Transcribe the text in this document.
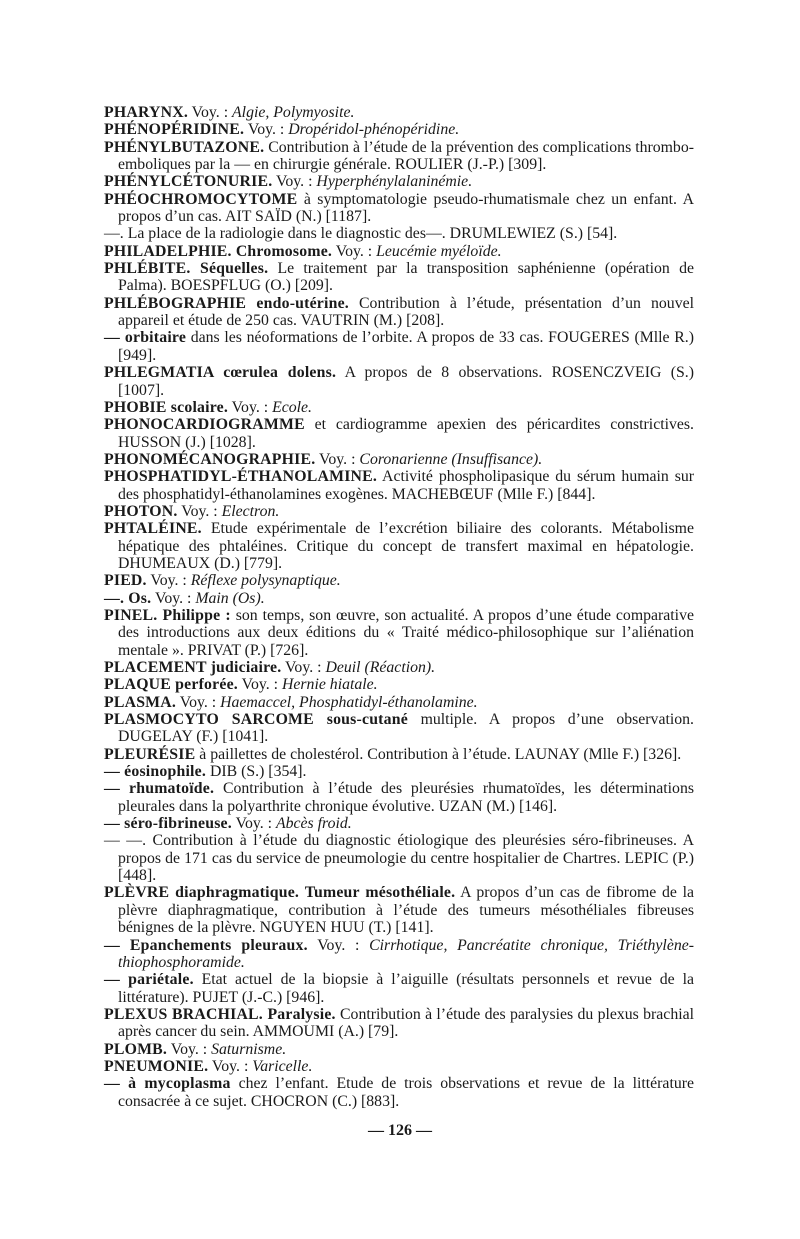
PHARYNX. Voy. : Algie, Polymyosite.

PHÉNOPÉRIDINE. Voy. : Dropéridol-phénopéridine.

PHÉNYLBUTAZONE. Contribution à l’étude de la prévention des complications thrombo-emboliques par la — en chirurgie générale. ROULIER (J.-P.) [309].

PHÉNYLCÉTONURIE. Voy. : Hyperphénylalaninémie.

PHÉOCHROMOCYTOME à symptomatologie pseudo-rhumatismale chez un enfant. A propos d’un cas. AIT SAÏD (N.) [1187].

—. La place de la radiologie dans le diagnostic des—. DRUMLEWIEZ (S.) [54].

PHILADELPHIE. Chromosome. Voy. : Leucémie myéloïde.

PHLÉBITE. Séquelles. Le traitement par la transposition saphénienne (opération de Palma). BOESPFLUG (O.) [209].

PHLÉBOGRAPHIE endo-utérine. Contribution à l’étude, présentation d’un nouvel appareil et étude de 250 cas. VAUTRIN (M.) [208].

— orbitaire dans les néoformations de l’orbite. A propos de 33 cas. FOUGERES (Mlle R.) [949].

PHLEGMATIA cœrulea dolens. A propos de 8 observations. ROSENCZVEIG (S.) [1007].

PHOBIE scolaire. Voy. : Ecole.

PHONOCARDIOGRAMME et cardiogramme apexien des péricardites constrictives. HUSSON (J.) [1028].

PHONOMÉCANOGRAPHIE. Voy. : Coronarienne (Insuffisance).

PHOSPHATIDYL-ÉTHANOLAMINE. Activité phospholipasique du sérum humain sur des phosphatidyl-éthanolamines exogènes. MACHEBŒUF (Mlle F.) [844].

PHOTON. Voy. : Electron.

PHTALÉINE. Etude expérimentale de l’excrétion biliaire des colorants. Métabolisme hépatique des phtaléines. Critique du concept de transfert maximal en hépatologie. DHUMEAUX (D.) [779].

PIED. Voy. : Réflexe polysynaptique.

—. Os. Voy. : Main (Os).

PINEL. Philippe : son temps, son œuvre, son actualité. A propos d’une étude comparative des introductions aux deux éditions du « Traité médico-philosophique sur l’aliénation mentale ». PRIVAT (P.) [726].

PLACEMENT judiciaire. Voy. : Deuil (Réaction).

PLAQUE perforée. Voy. : Hernie hiatale.

PLASMA. Voy. : Haemaccel, Phosphatidyl-éthanolamine.

PLASMOCYTO SARCOME sous-cutané multiple. A propos d’une observation. DUGELAY (F.) [1041].

PLEURÉSIE à paillettes de cholestérol. Contribution à l’étude. LAUNAY (Mlle F.) [326].

— éosinophile. DIB (S.) [354].

— rhumatoïde. Contribution à l’étude des pleurésies rhumatoïdes, les déterminations pleurales dans la polyarthrite chronique évolutive. UZAN (M.) [146].

— séro-fibrineuse. Voy. : Abcès froid.

— —. Contribution à l’étude du diagnostic étiologique des pleurésies séro-fibrineuses. A propos de 171 cas du service de pneumologie du centre hospitalier de Chartres. LEPIC (P.) [448].

PLÈVRE diaphragmatique. Tumeur mésothéliale. A propos d’un cas de fibrome de la plèvre diaphragmatique, contribution à l’étude des tumeurs mésothéliales fibreuses bénignes de la plèvre. NGUYEN HUU (T.) [141].

— Epanchements pleuraux. Voy. : Cirrhotique, Pancréatite chronique, Triéthylène-thiophosphoramide.

— pariétale. Etat actuel de la biopsie à l’aiguille (résultats personnels et revue de la littérature). PUJET (J.-C.) [946].

PLEXUS BRACHIAL. Paralysie. Contribution à l’étude des paralysies du plexus brachial après cancer du sein. AMMOUMI (A.) [79].

PLOMB. Voy. : Saturnisme.

PNEUMONIE. Voy. : Varicelle.

— à mycoplasma chez l’enfant. Etude de trois observations et revue de la littérature consacrée à ce sujet. CHOCRON (C.) [883].

— 126 —
